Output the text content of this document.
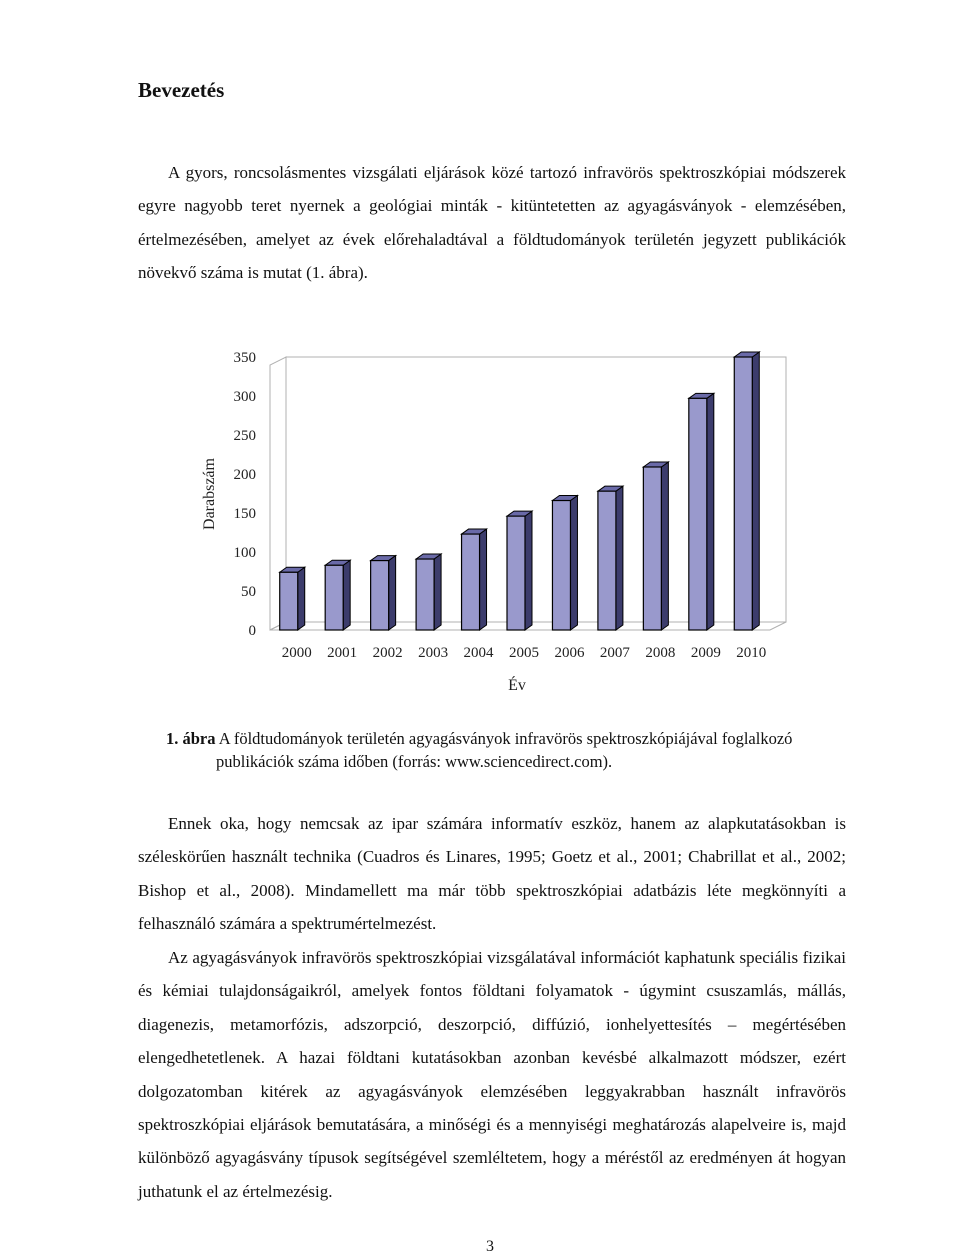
Bevezetés

A gyors, roncsolásmentes vizsgálati eljárások közé tartozó infravörös spektroszkópiai módszerek egyre nagyobb teret nyernek a geológiai minták - kitüntetetten az agyagásványok - elemzésében, értelmezésében, amelyet az évek előrehaladtával a földtudományok területén jegyzett publikációk növekvő száma is mutat (1. ábra).

0
50
100
150
200
250
300
350
2000 2001 2002 2003 2004 2005 2006 2007 2008 2009 2010
Darabszám
Év

1. ábra A földtudományok területén agyagásványok infravörös spektroszkópiájával foglalkozó publikációk száma időben (forrás: www.sciencedirect.com).

Ennek oka, hogy nemcsak az ipar számára informatív eszköz, hanem az alapkutatásokban is széleskörűen használt technika (Cuadros és Linares, 1995; Goetz et al., 2001; Chabrillat et al., 2002; Bishop et al., 2008). Mindamellett ma már több spektroszkópiai adatbázis léte megkönnyíti a felhasználó számára a spektrumértelmezést.

Az agyagásványok infravörös spektroszkópiai vizsgálatával információt kaphatunk speciális fizikai és kémiai tulajdonságaikról, amelyek fontos földtani folyamatok - úgymint csuszamlás, mállás, diagenezis, metamorfózis, adszorpció, deszorpció, diffúzió, ionhelyettesítés – megértésében elengedhetetlenek. A hazai földtani kutatásokban azonban kevésbé alkalmazott módszer, ezért dolgozatomban kitérek az agyagásványok elemzésében leggyakrabban használt infravörös spektroszkópiai eljárások bemutatására, a minőségi és a mennyiségi meghatározás alapelveire is, majd különböző agyagásvány típusok segítségével szemléltetem, hogy a méréstől az eredményen át hogyan juthatunk el az értelmezésig.

3
